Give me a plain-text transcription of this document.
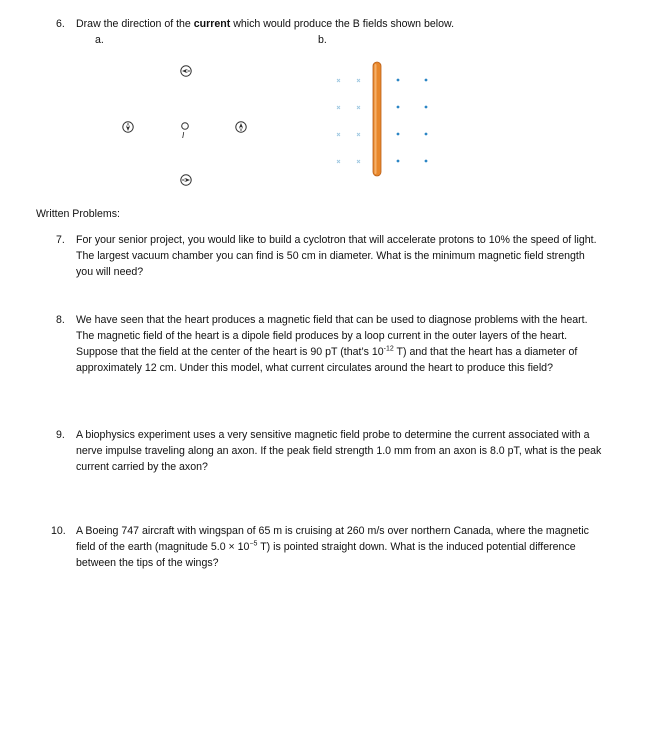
6. Draw the direction of the current which would produce the B fields shown below.
a.	b.
I
Written Problems:
7. For your senior project, you would like to build a cyclotron that will accelerate protons to 10% the speed of light.
The largest vacuum chamber you can find is 50 cm in diameter. What is the minimum magnetic field strength
you will need?
8. We have seen that the heart produces a magnetic field that can be used to diagnose problems with the heart.
The magnetic field of the heart is a dipole field produces by a loop current in the outer layers of the heart.
Suppose that the field at the center of the heart is 90 pT (that’s $10^{-12}$ T) and that the heart has a diameter of
approximately 12 cm. Under this model, what current circulates around the heart to produce this field?
9. A biophysics experiment uses a very sensitive magnetic field probe to determine the current associated with a
nerve impulse traveling along an axon. If the peak field strength 1.0 mm from an axon is 8.0 pT, what is the peak
current carried by the axon?
10. A Boeing 747 aircraft with wingspan of 65 m is cruising at 260 m/s over northern Canada, where the magnetic
field of the earth (magnitude $5.0 \times 10^{-5}$ T) is pointed straight down. What is the induced potential difference
between the tips of the wings?
